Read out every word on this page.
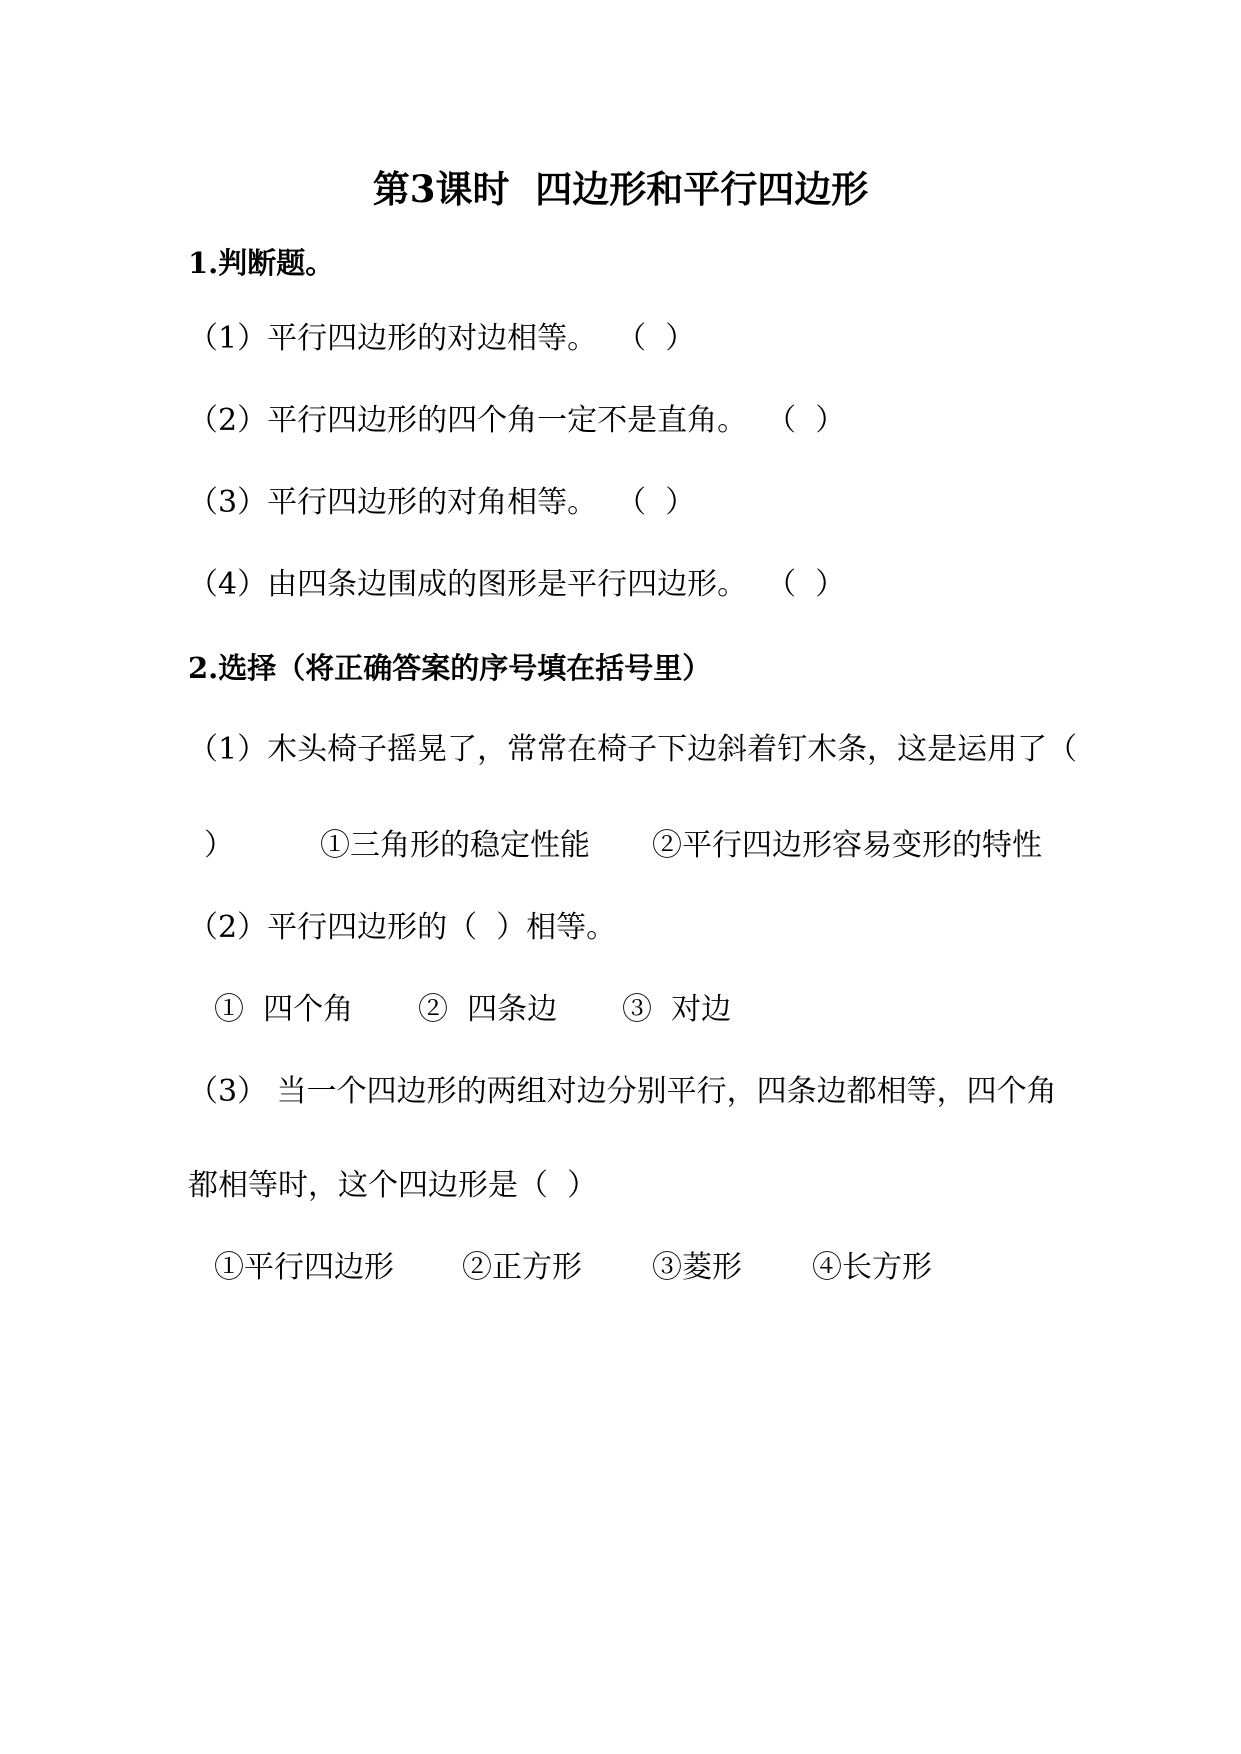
第3课时  四边形和平行四边形
1.判断题。
（1）平行四边形的对边相等。  （  ）
（2）平行四边形的四个角一定不是直角。  （  ）
（3）平行四边形的对角相等。  （  ）
（4）由四条边围成的图形是平行四边形。  （  ）
2.选择（将正确答案的序号填在括号里）
（1）木头椅子摇晃了，常常在椅子下边斜着钉木条，这是运用了（
）	①三角形的稳定性能 ②平行四边形容易变形的特性
（2）平行四边形的（  ）相等。
①  四个角 ②  四条边 ③  对边
（3） 当一个四边形的两组对边分别平行，四条边都相等，四个角
都相等时，这个四边形是（  ）
①平行四边形 ②正方形 ③菱形 ④长方形
